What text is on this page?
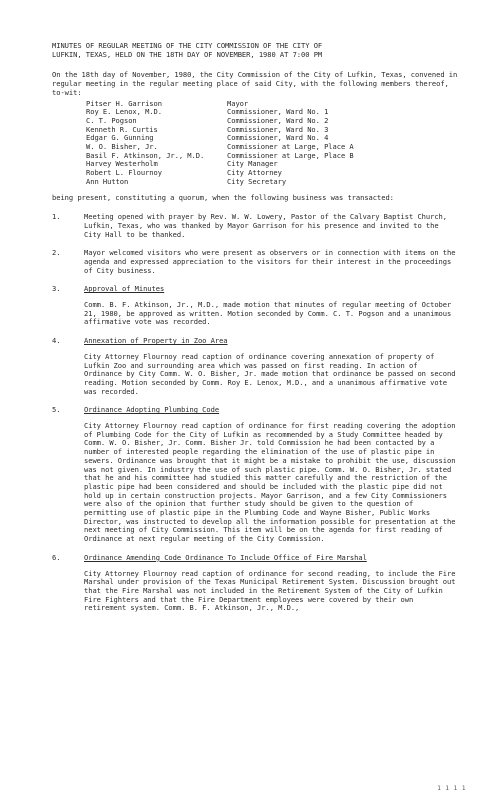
MINUTES OF REGULAR MEETING OF THE CITY COMMISSION OF THE CITY OF
LUFKIN, TEXAS, HELD ON THE 18TH DAY OF NOVEMBER, 1980 AT 7:00 PM

On the 18th day of November, 1980, the City Commission of the City of Lufkin, Texas, convened in regular meeting in the regular meeting place of said City, with the following members thereof, to-wit:

Pitser H. Garrison	Mayor
Roy E. Lenox, M.D.	Commissioner, Ward No. 1
C. T. Pogson	Commissioner, Ward No. 2
Kenneth R. Curtis	Commissioner, Ward No. 3
Edgar G. Gunning	Commissioner, Ward No. 4
W. O. Bisher, Jr.	Commissioner at Large, Place A
Basil F. Atkinson, Jr., M.D.	Commissioner at Large, Place B
Harvey Westerholm	City Manager
Robert L. Flournoy	City Attorney
Ann Hutton	City Secretary

being present, constituting a quorum, when the following business was transacted:

1.	Meeting opened with prayer by Rev. W. W. Lowery, Pastor of the Calvary Baptist Church, Lufkin, Texas, who was thanked by Mayor Garrison for his presence and invited to the City Hall to be thanked.
2.	Mayor welcomed visitors who were present as observers or in connection with items on the agenda and expressed appreciation to the visitors for their interest in the proceedings of City business.
3.	Approval of Minutes
Comm. B. F. Atkinson, Jr., M.D., made motion that minutes of regular meeting of October 21, 1980, be approved as written. Motion seconded by Comm. C. T. Pogson and a unanimous affirmative vote was recorded.
4.	Annexation of Property in Zoo Area
City Attorney Flournoy read caption of ordinance covering annexation of property of Lufkin Zoo and surrounding area which was passed on first reading. In action of Ordinance by City Comm. W. O. Bisher, Jr. made motion that ordinance be passed on second reading. Motion seconded by Comm. Roy E. Lenox, M.D., and a unanimous affirmative vote was recorded.
5.	Ordinance Adopting Plumbing Code
City Attorney Flournoy read caption of ordinance for first reading covering the adoption of Plumbing Code for the City of Lufkin as recommended by a Study Committee headed by Comm. W. O. Bisher, Jr. Comm. Bisher Jr. told Commission he had been contacted by a number of interested people regarding the elimination of the use of plastic pipe in sewers. Ordinance was brought that it might be a mistake to prohibit the use, discussion was not given. In industry the use of such plastic pipe. Comm. W. O. Bisher, Jr. stated that he and his committee had studied this matter carefully and the restriction of the plastic pipe had been considered and should be included with the plastic pipe did not hold up in certain construction projects. Mayor Garrison, and a few City Commissioners were also of the opinion that further study should be given to the question of permitting use of plastic pipe in the Plumbing Code and Wayne Bisher, Public Works Director, was instructed to develop all the information possible for presentation at the next meeting of City Commission. This item will be on the agenda for first reading of Ordinance at next regular meeting of the City Commission.
6.	Ordinance Amending Code Ordinance To Include Office of Fire Marshal
City Attorney Flournoy read caption of ordinance for second reading, to include the Fire Marshal under provision of the Texas Municipal Retirement System. Discussion brought out that the Fire Marshal was not included in the Retirement System of the City of Lufkin Fire Fighters and that the Fire Department employees were covered by their own retirement system. Comm. B. F. Atkinson, Jr., M.D.,
1 1 1 1
